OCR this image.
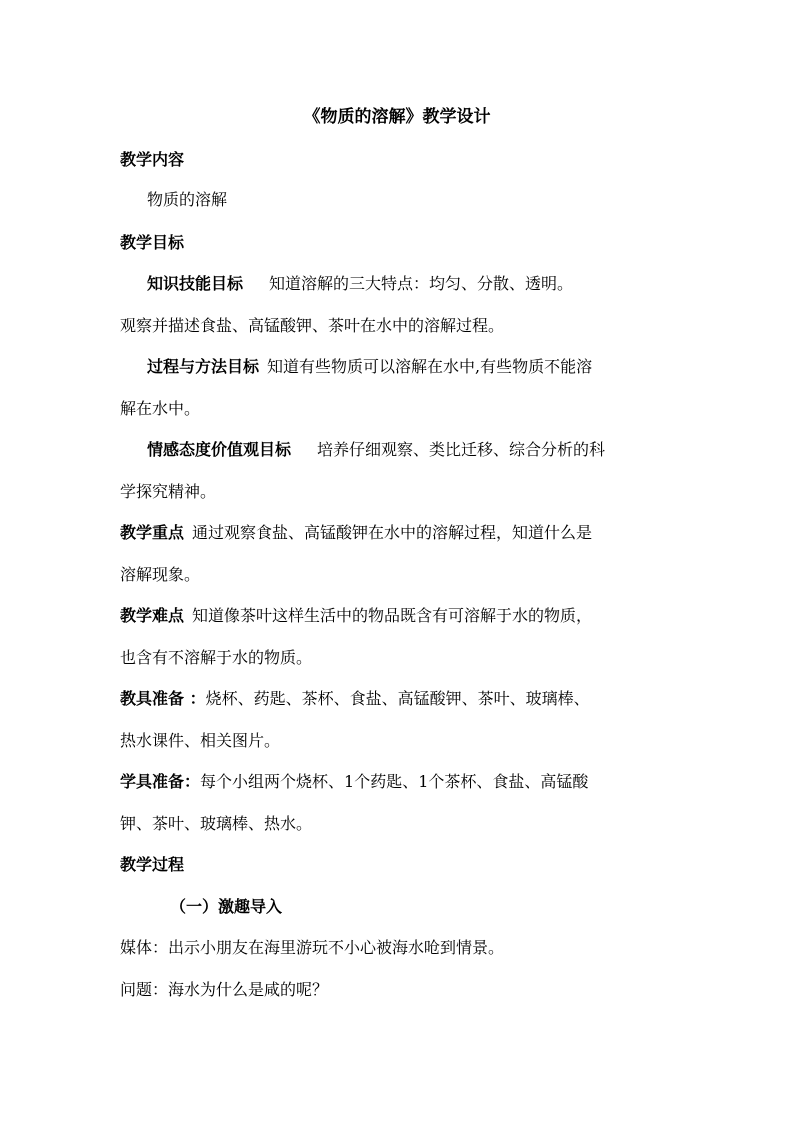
《物质的溶解》教学设计
教学内容
物质的溶解
教学目标
知识技能目标 知道溶解的三大特点：均匀、分散、透明。
观察并描述食盐、高锰酸钾、茶叶在水中的溶解过程。
过程与方法目标 知道有些物质可以溶解在水中,有些物质不能溶
解在水中。
情感态度价值观目标 培养仔细观察、类比迁移、综合分析的科
学探究精神。
教学重点 通过观察食盐、高锰酸钾在水中的溶解过程，知道什么是
溶解现象。
教学难点 知道像茶叶这样生活中的物品既含有可溶解于水的物质，
也含有不溶解于水的物质。
教具准备 ：烧杯、药匙、茶杯、食盐、高锰酸钾、茶叶、玻璃棒、
热水课件、相关图片。
学具准备：每个小组两个烧杯、1个药匙、1个茶杯、食盐、高锰酸
钾、茶叶、玻璃棒、热水。
教学过程
（一）激趣导入
媒体：出示小朋友在海里游玩不小心被海水呛到情景。
问题：海水为什么是咸的呢？
